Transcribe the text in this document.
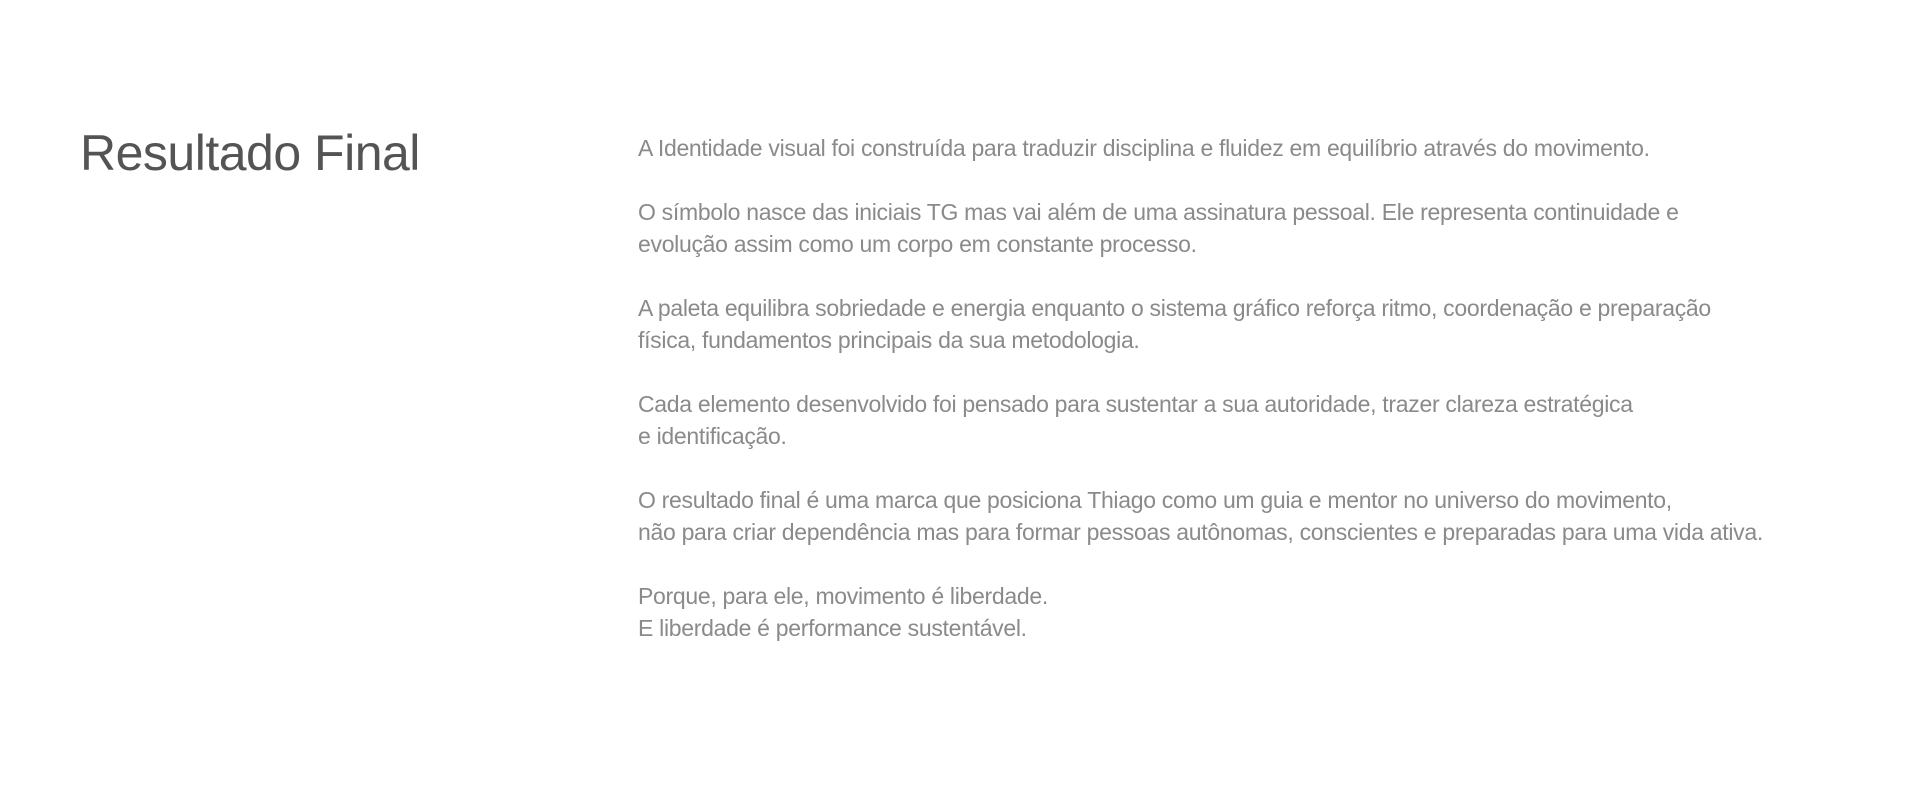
Resultado Final	A Identidade visual foi construída para traduzir disciplina e fluidez em equilíbrio através do movimento.

O símbolo nasce das iniciais TG mas vai além de uma assinatura pessoal. Ele representa continuidade e
evolução assim como um corpo em constante processo.

A paleta equilibra sobriedade e energia enquanto o sistema gráfico reforça ritmo, coordenação e preparação
física, fundamentos principais da sua metodologia.

Cada elemento desenvolvido foi pensado para sustentar a sua autoridade, trazer clareza estratégica
e identificação.

O resultado final é uma marca que posiciona Thiago como um guia e mentor no universo do movimento,
não para criar dependência mas para formar pessoas autônomas, conscientes e preparadas para uma vida ativa.

Porque, para ele, movimento é liberdade.
E liberdade é performance sustentável.
